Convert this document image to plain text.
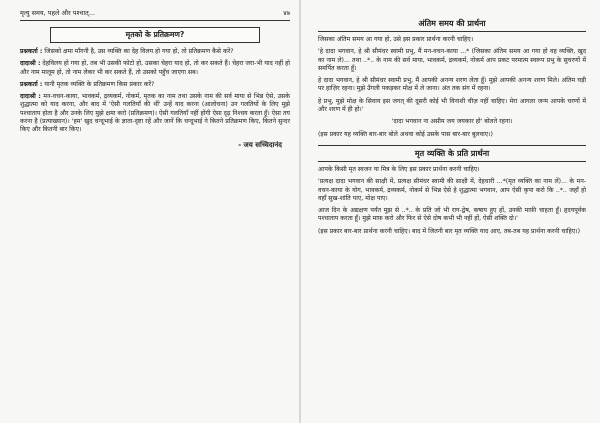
मृत्यु समय, पहले और पश्चात्...	४७
मृतको के प्रतिक्रमण?

प्रश्नकर्ता : जिसको क्षमा माँगनी है, उस व्यक्ति का देह विलय हो गया हो, तो प्रतिक्रमण कैसे करें?

दादाश्री : देहविलय हो गया हो, तब भी उसकी फोटो हो, उसका चेहरा याद हो, तो कर सकते हैं। चेहरा जरा-भी याद नहीं हो और नाम मालूम हो, तो नाम लेकर भी कर सकते हैं, तो उसको पहुँच जाएगा सब।

प्रश्नकर्ता : यानी मृतक व्यक्ति के प्रतिक्रमण किस प्रकार करें?

दादाश्री : मन-वचन-काया, भावकर्म, द्रव्यकर्म, नोकर्म, मृतक का नाम तथा उसके नाम की सर्व माया से भिन्न ऐसे, उसके शुद्धात्मा को याद करना, और बाद में 'ऐसी गलतियाँ की थीं' उन्हें याद करना (आलोचना) उन गलतियों के लिए मुझे पश्चाताप होता है और उनके लिए मुझे क्षमा करो (प्रतिक्रमण)। ऐसी गलतियाँ नहीं होंगी ऐसा दृढ़ निश्चय करता हूँ। ऐसा तय करना है (प्रत्याख्यान)। 'हम' खुद चन्दूभाई के ज्ञाता-दृष्टा रहें और जानें कि चन्दूभाई ने कितने प्रतिक्रमण किए, कितने सुन्दर किए और कितनी बार किए।

- जय सच्चिदानंद
अंतिम समय की प्रार्थना

जिसका अंतिम समय आ गया हो, उसे इस प्रकार प्रार्थना करनी चाहिए।

'हे दादा भगवान, हे श्री सीमंधर स्वामी प्रभु, मैं मन-वचन-काया ...* (जिसका अंतिम समय आ गया हो वह व्यक्ति, खुद का नाम ले)... तथा ..*.. के नाम की सर्व माया, भावकर्म, द्रव्यकर्म, नोकर्म आप प्रकट परमात्म स्वरूप प्रभु के सुचरणों में समर्पित करता हूँ।

हे दादा भगवान, हे श्री सीमंधर स्वामी प्रभु, मैं आपकी अनन्य शरण लेता हूँ। मुझे आपकी अनन्य शरण मिले। अंतिम घड़ी पर हाज़िर रहना। मुझे उँगली पकड़कर मोक्ष में ले जाना। अंत तक संग में रहना।

हे प्रभु, मुझे मोक्ष के सिवाय इस जगत् की दूसरी कोई भी विनाशी चीज़ नहीं चाहिए। मेरा आगला जन्म आपके चरणों में और शरण में ही हो।'

'दादा भगवान ना असीम जय जयकार हो' बोलते रहना।

(इस प्रकार यह व्यक्ति बार-बार बोले अथवा कोई उसके पास बार-बार बुलवाए।)

मृत व्यक्ति के प्रति प्रार्थना

आपके किसी मृत स्वजन या मित्र के लिए इस प्रकार प्रार्थना करनी चाहिए।

'प्रत्यक्ष दादा भगवान की साक्षी में, प्रत्यक्ष सीमंधर स्वामी की साक्षी में, देहधारी ...*(मृत व्यक्ति का नाम लें)... के मन-वचन-काया के योग, भावकर्म, द्रव्यकर्म, नोकर्म से भिन्न ऐसे हे शुद्धात्मा भगवान, आप ऐसी कृपा करो कि ..*.. जहाँ हो वहाँ सुख-शांति पाए, मोक्ष पाए।

आज दिन के अद्यक्षण पर्यंत मुझ से ..*.. के प्रति जो भी राग-द्वेष, कषाय हुए हों, उनकी माफ़ी चाहता हूँ। हृदयपूर्वक पश्चाताप करता हूँ। मुझे माफ़ करो और फिर से ऐसे दोष कभी भी नहीं हों, ऐसी शक्ति दो।'

(इस प्रकार बार-बार प्रार्थना करनी चाहिए। बाद में जितनी बार मृत व्यक्ति याद आए, तब-तब यह प्रार्थना करनी चाहिए।)
